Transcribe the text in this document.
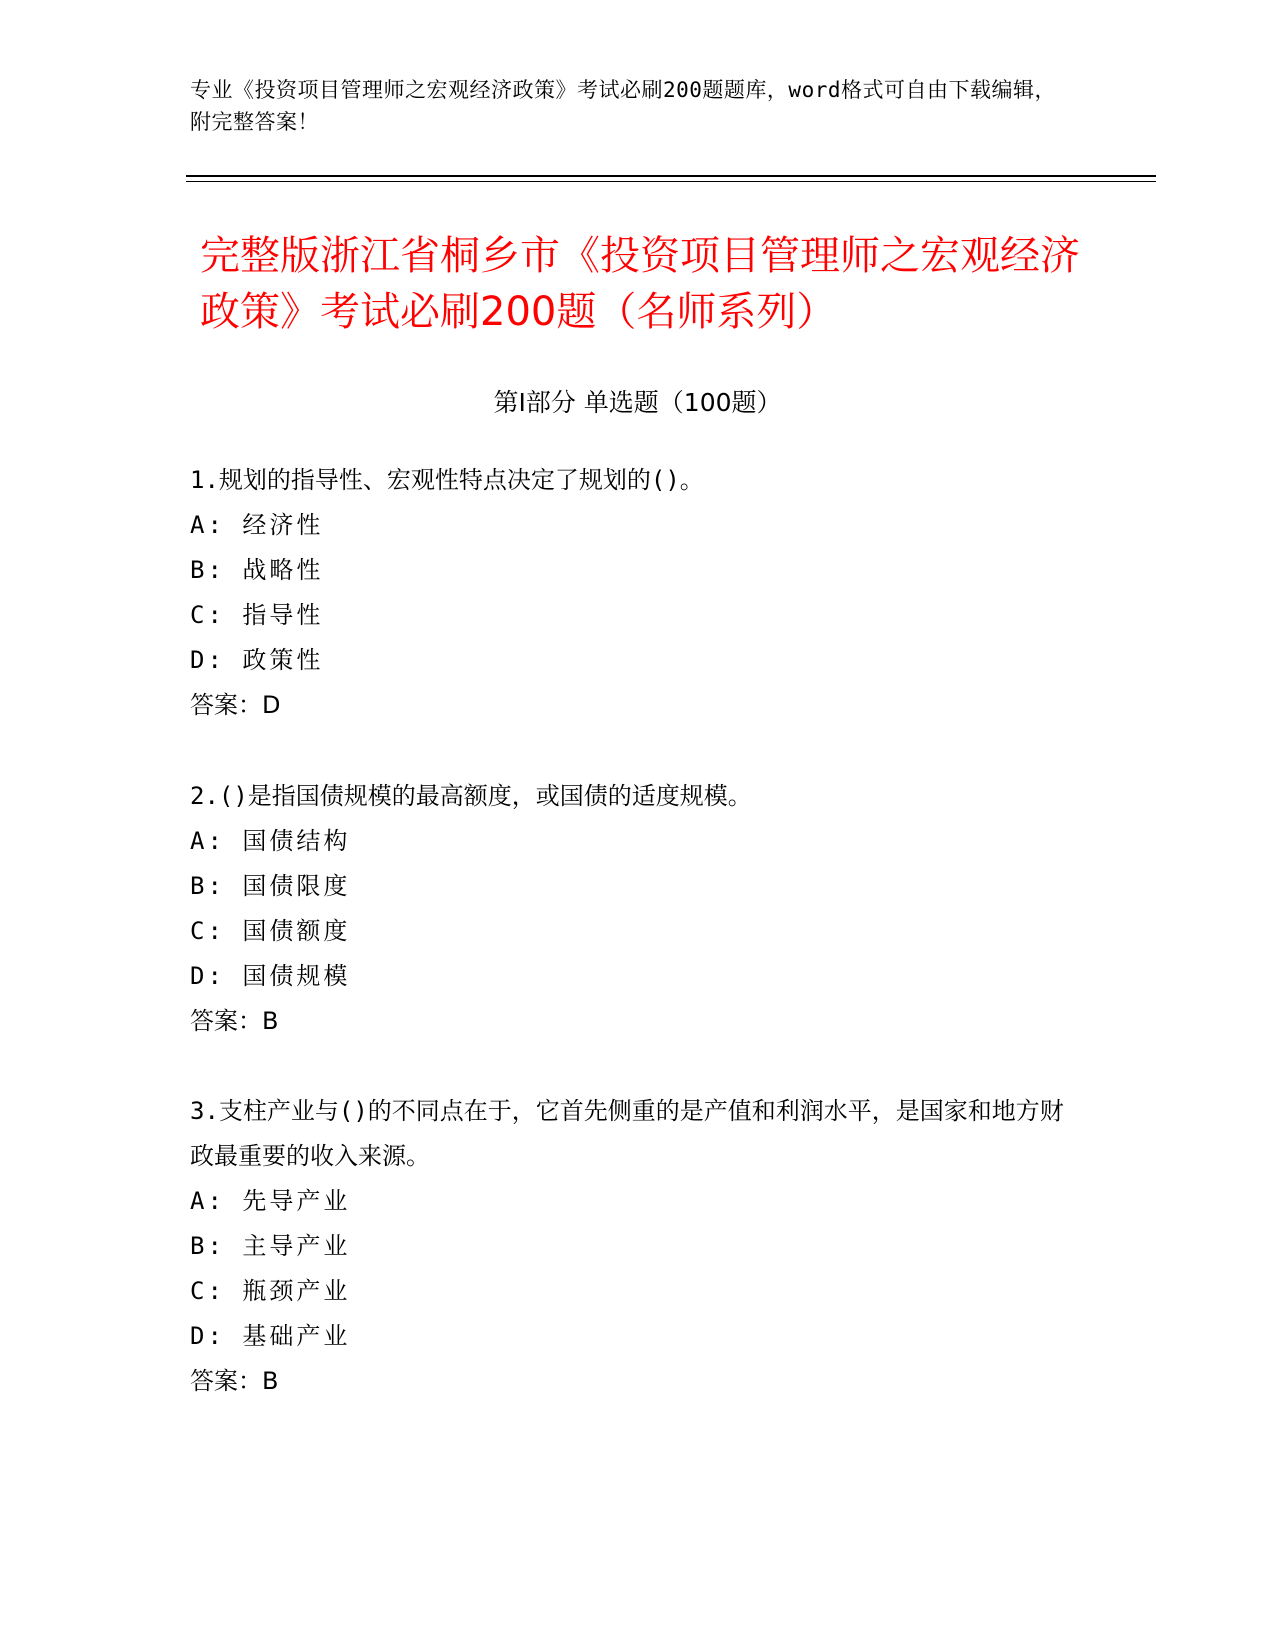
专业《投资项目管理师之宏观经济政策》考试必刷200题题库，word格式可自由下载编辑，附完整答案！
完整版浙江省桐乡市《投资项目管理师之宏观经济政策》考试必刷200题（名师系列）
第Ⅰ部分 单选题（100题）
1.规划的指导性、宏观性特点决定了规划的()。
A: 经济性
B: 战略性
C: 指导性
D: 政策性
答案：D
2.()是指国债规模的最高额度，或国债的适度规模。
A: 国债结构
B: 国债限度
C: 国债额度
D: 国债规模
答案：B
3.支柱产业与()的不同点在于，它首先侧重的是产值和利润水平，是国家和地方财政最重要的收入来源。
A: 先导产业
B: 主导产业
C: 瓶颈产业
D: 基础产业
答案：B
